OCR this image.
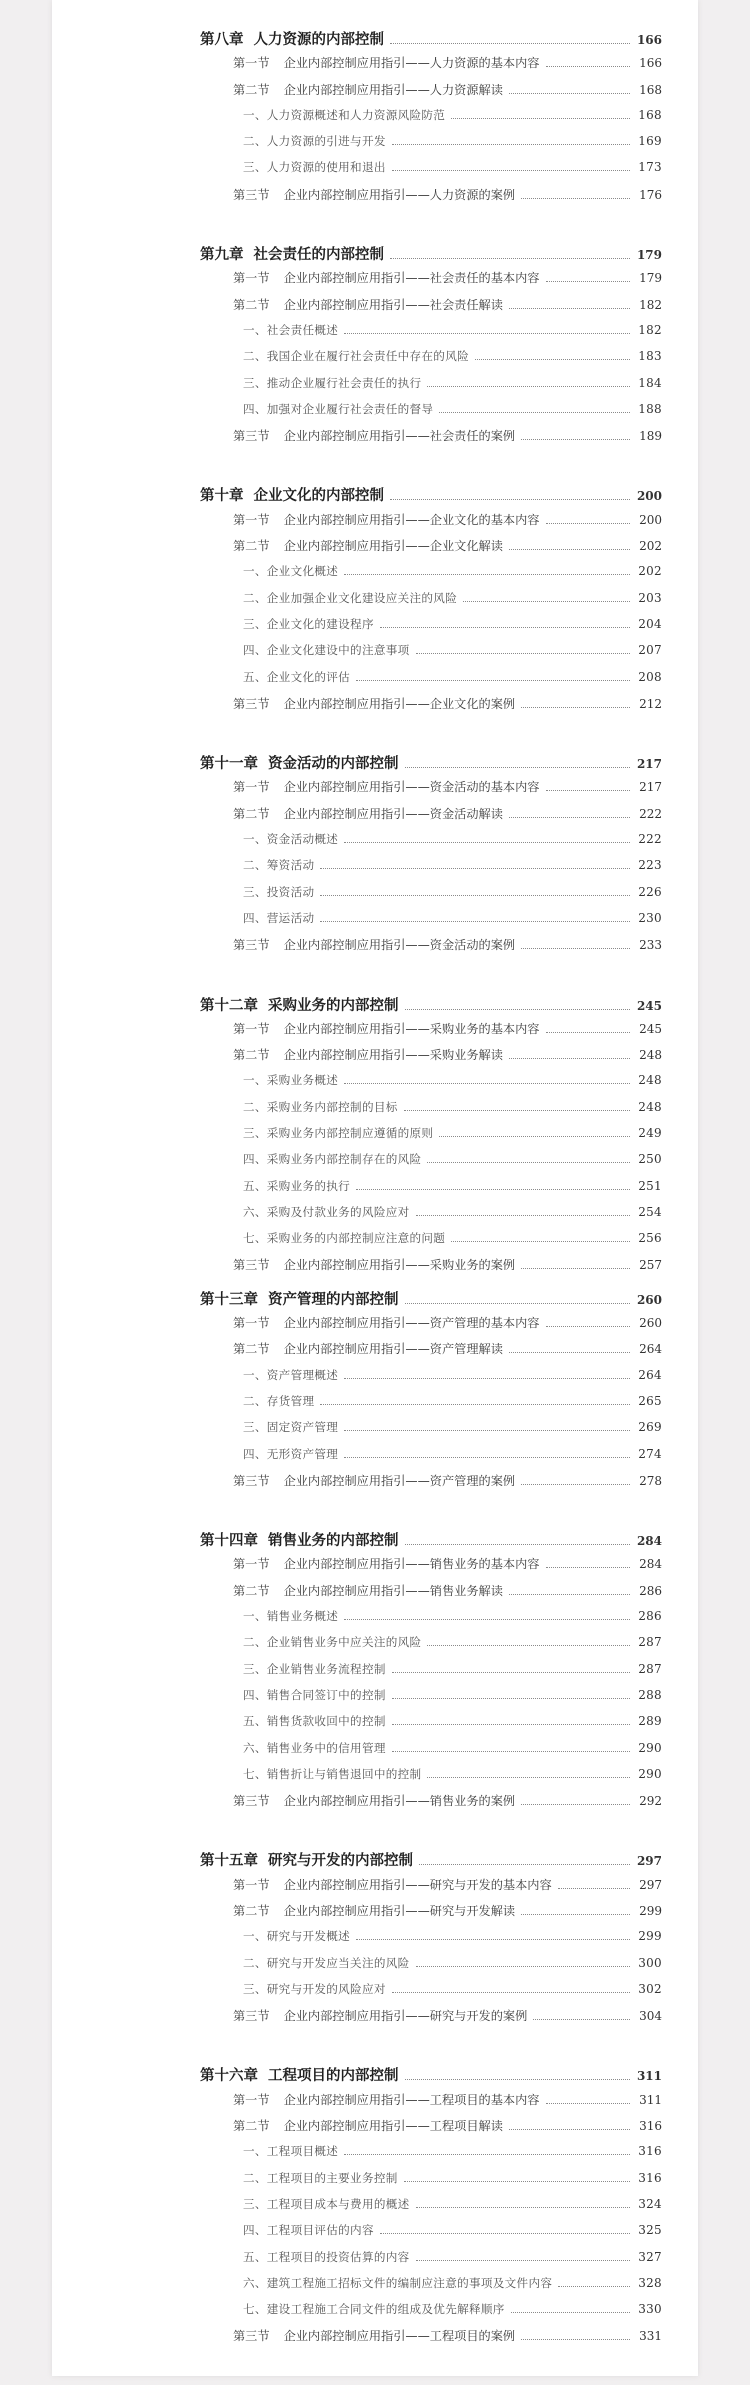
第八章 人力资源的内部控制	166
第一节 企业内部控制应用指引——人力资源的基本内容	166
第二节 企业内部控制应用指引——人力资源解读	168
一、人力资源概述和人力资源风险防范	168
二、人力资源的引进与开发	169
三、人力资源的使用和退出	173
第三节 企业内部控制应用指引——人力资源的案例	176
第九章 社会责任的内部控制	179
第一节 企业内部控制应用指引——社会责任的基本内容	179
第二节 企业内部控制应用指引——社会责任解读	182
一、社会责任概述	182
二、我国企业在履行社会责任中存在的风险	183
三、推动企业履行社会责任的执行	184
四、加强对企业履行社会责任的督导	188
第三节 企业内部控制应用指引——社会责任的案例	189
第十章 企业文化的内部控制	200
第一节 企业内部控制应用指引——企业文化的基本内容	200
第二节 企业内部控制应用指引——企业文化解读	202
一、企业文化概述	202
二、企业加强企业文化建设应关注的风险	203
三、企业文化的建设程序	204
四、企业文化建设中的注意事项	207
五、企业文化的评估	208
第三节 企业内部控制应用指引——企业文化的案例	212
第十一章 资金活动的内部控制	217
第一节 企业内部控制应用指引——资金活动的基本内容	217
第二节 企业内部控制应用指引——资金活动解读	222
一、资金活动概述	222
二、筹资活动	223
三、投资活动	226
四、营运活动	230
第三节 企业内部控制应用指引——资金活动的案例	233
第十二章 采购业务的内部控制	245
第一节 企业内部控制应用指引——采购业务的基本内容	245
第二节 企业内部控制应用指引——采购业务解读	248
一、采购业务概述	248
二、采购业务内部控制的目标	248
三、采购业务内部控制应遵循的原则	249
四、采购业务内部控制存在的风险	250
五、采购业务的执行	251
六、采购及付款业务的风险应对	254
七、采购业务的内部控制应注意的问题	256
第三节 企业内部控制应用指引——采购业务的案例	257
第十三章 资产管理的内部控制	260
第一节 企业内部控制应用指引——资产管理的基本内容	260
第二节 企业内部控制应用指引——资产管理解读	264
一、资产管理概述	264
二、存货管理	265
三、固定资产管理	269
四、无形资产管理	274
第三节 企业内部控制应用指引——资产管理的案例	278
第十四章 销售业务的内部控制	284
第一节 企业内部控制应用指引——销售业务的基本内容	284
第二节 企业内部控制应用指引——销售业务解读	286
一、销售业务概述	286
二、企业销售业务中应关注的风险	287
三、企业销售业务流程控制	287
四、销售合同签订中的控制	288
五、销售货款收回中的控制	289
六、销售业务中的信用管理	290
七、销售折让与销售退回中的控制	290
第三节 企业内部控制应用指引——销售业务的案例	292
第十五章 研究与开发的内部控制	297
第一节 企业内部控制应用指引——研究与开发的基本内容	297
第二节 企业内部控制应用指引——研究与开发解读	299
一、研究与开发概述	299
二、研究与开发应当关注的风险	300
三、研究与开发的风险应对	302
第三节 企业内部控制应用指引——研究与开发的案例	304
第十六章 工程项目的内部控制	311
第一节 企业内部控制应用指引——工程项目的基本内容	311
第二节 企业内部控制应用指引——工程项目解读	316
一、工程项目概述	316
二、工程项目的主要业务控制	316
三、工程项目成本与费用的概述	324
四、工程项目评估的内容	325
五、工程项目的投资估算的内容	327
六、建筑工程施工招标文件的编制应注意的事项及文件内容	328
七、建设工程施工合同文件的组成及优先解释顺序	330
第三节 企业内部控制应用指引——工程项目的案例	331
